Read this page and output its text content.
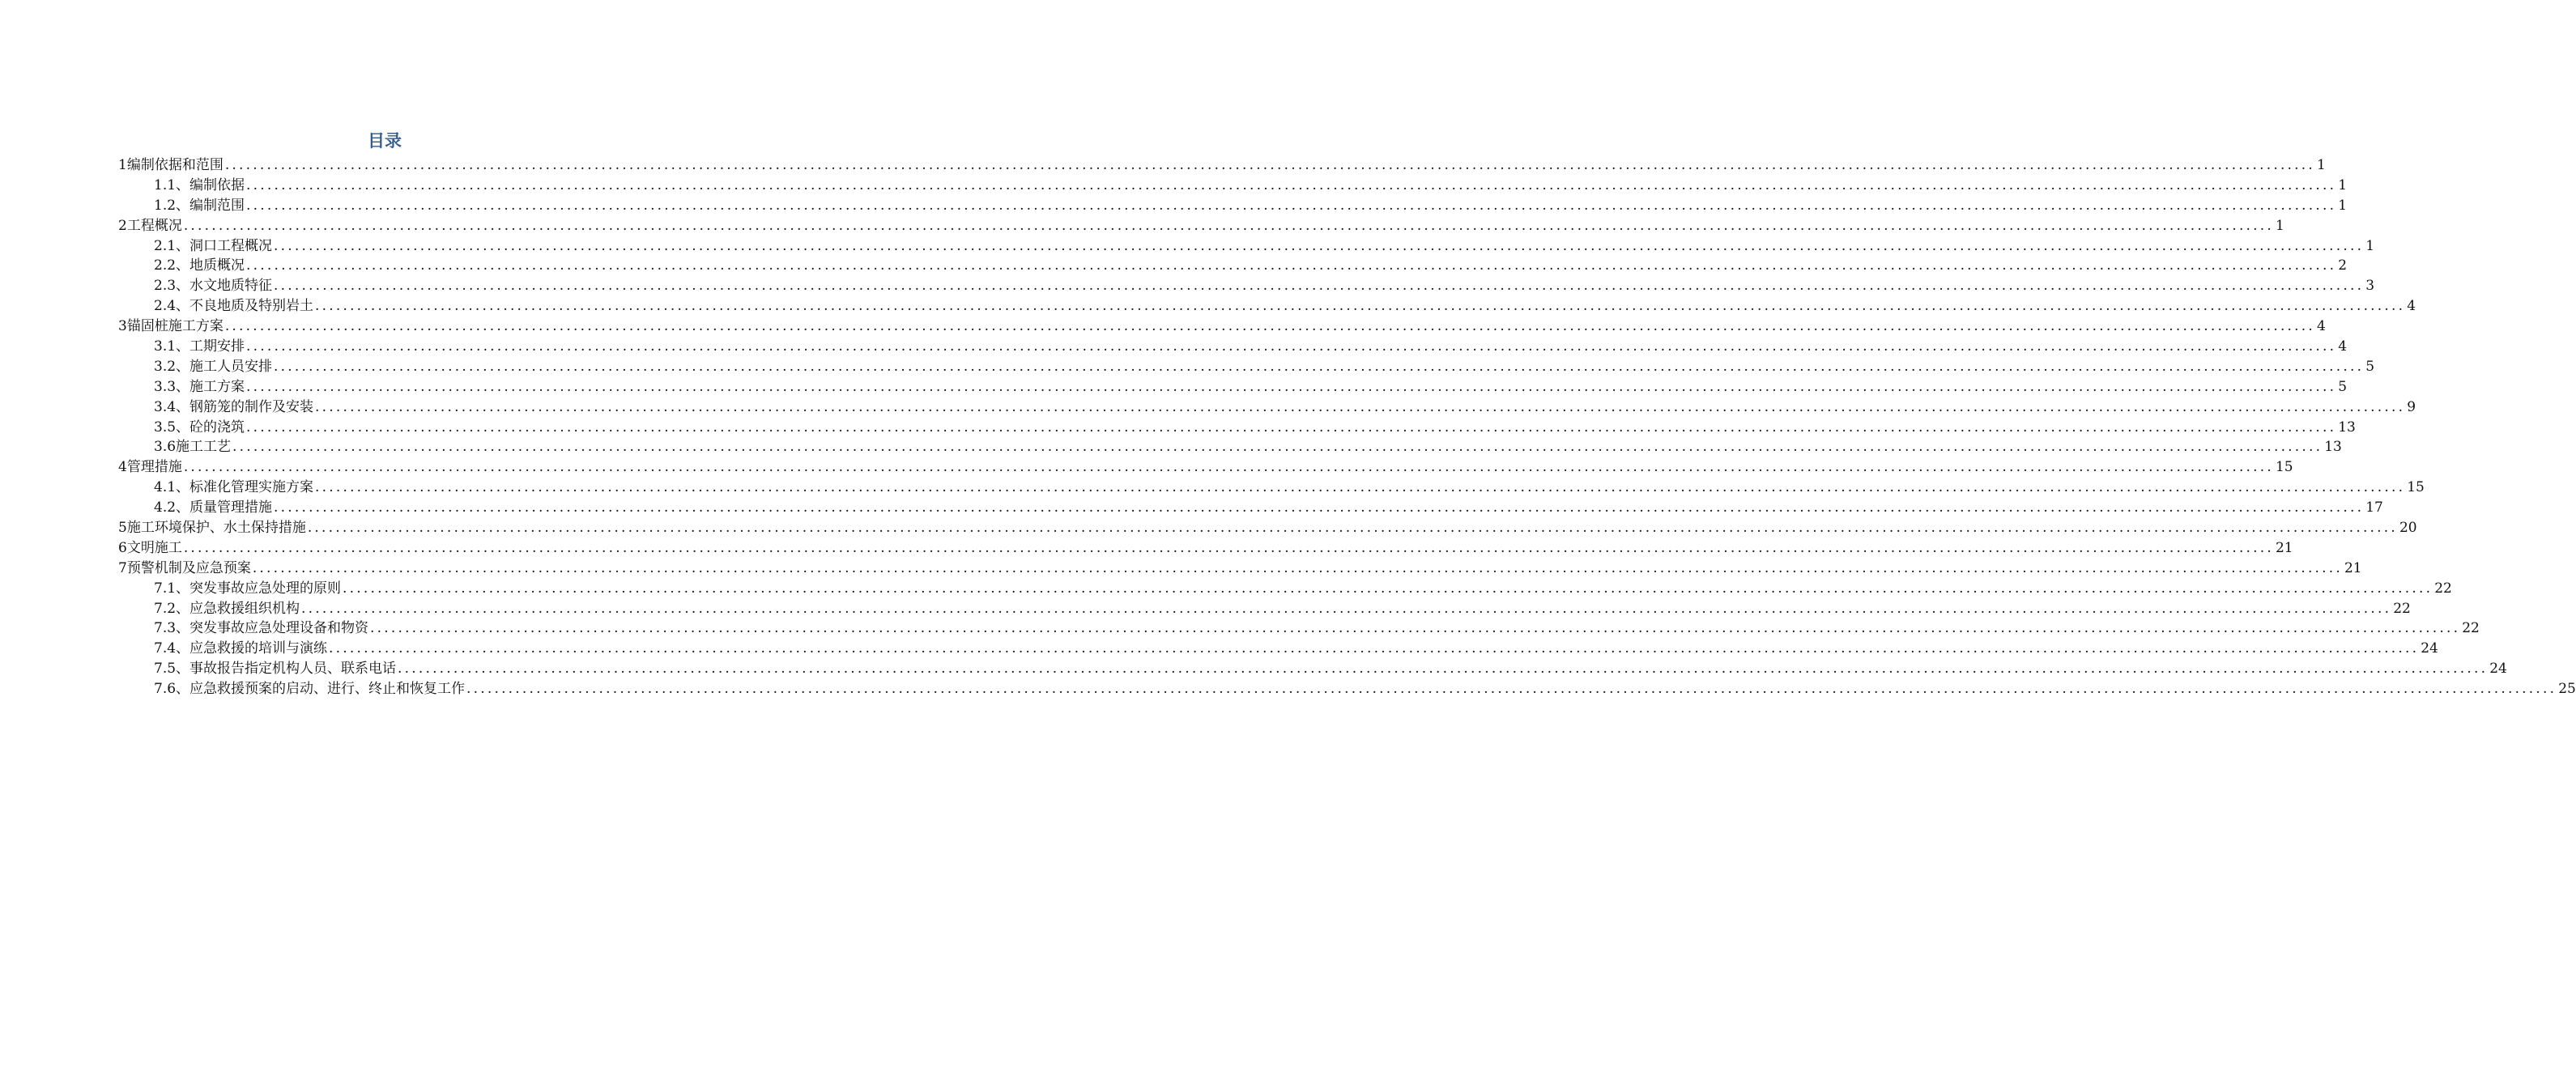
目录
1编制依据和范围 ............................................................................................................................................................................................................................................................................................................ 1
1.1、编制依据 ............................................................................................................................................................................................................................................................................................................ 1
1.2、编制范围 ............................................................................................................................................................................................................................................................................................................ 1
2工程概况 ............................................................................................................................................................................................................................................................................................................ 1
2.1、洞口工程概况 ............................................................................................................................................................................................................................................................................................................ 1
2.2、地质概况 ............................................................................................................................................................................................................................................................................................................ 2
2.3、水文地质特征 ............................................................................................................................................................................................................................................................................................................ 3
2.4、不良地质及特别岩土 ............................................................................................................................................................................................................................................................................................................ 4
3锚固桩施工方案 ............................................................................................................................................................................................................................................................................................................ 4
3.1、工期安排 ............................................................................................................................................................................................................................................................................................................ 4
3.2、施工人员安排 ............................................................................................................................................................................................................................................................................................................ 5
3.3、施工方案 ............................................................................................................................................................................................................................................................................................................ 5
3.4、钢筋笼的制作及安装 ............................................................................................................................................................................................................................................................................................................ 9
3.5、砼的浇筑 ............................................................................................................................................................................................................................................................................................................ 13
3.6施工工艺 ............................................................................................................................................................................................................................................................................................................ 13
4管理措施 ............................................................................................................................................................................................................................................................................................................ 15
4.1、标准化管理实施方案 ............................................................................................................................................................................................................................................................................................................ 15
4.2、质量管理措施 ............................................................................................................................................................................................................................................................................................................ 17
5施工环境保护、水土保持措施 ............................................................................................................................................................................................................................................................................................................ 20
6文明施工 ............................................................................................................................................................................................................................................................................................................ 21
7预警机制及应急预案 ............................................................................................................................................................................................................................................................................................................ 21
7.1、突发事故应急处理的原则 ............................................................................................................................................................................................................................................................................................................ 22
7.2、应急救援组织机构 ............................................................................................................................................................................................................................................................................................................ 22
7.3、突发事故应急处理设备和物资 ............................................................................................................................................................................................................................................................................................................ 22
7.4、应急救援的培训与演练 ............................................................................................................................................................................................................................................................................................................ 24
7.5、事故报告指定机构人员、联系电话 ............................................................................................................................................................................................................................................................................................................ 24
7.6、应急救援预案的启动、进行、终止和恢复工作 ............................................................................................................................................................................................................................................................................................................ 25
